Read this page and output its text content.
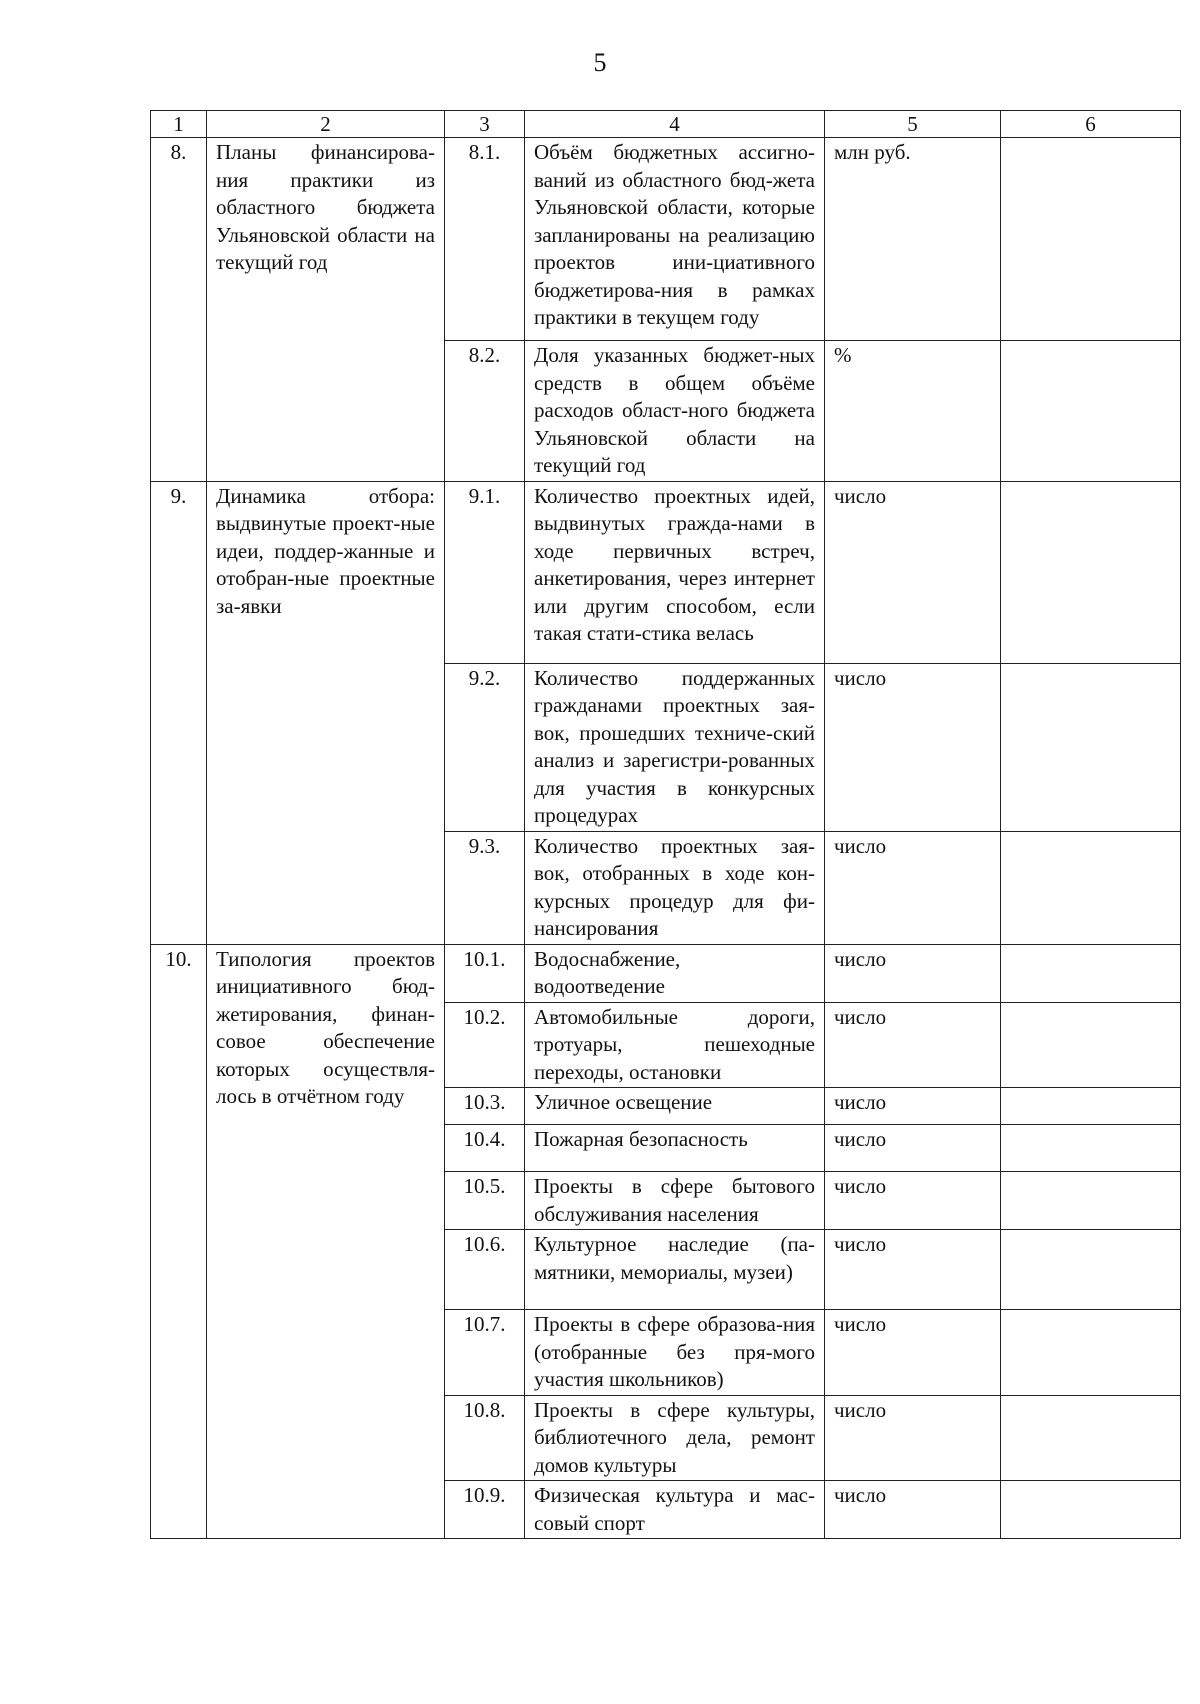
5
1	2	3	4	5	6
8.	Планы финансирова-ния практики из областного бюджета Ульяновской области на текущий год	8.1.	Объём бюджетных ассигно-ваний из областного бюд-жета Ульяновской области, которые запланированы на реализацию проектов ини-циативного бюджетирова-ния в рамках практики в текущем году	млн руб.	
		8.2.	Доля указанных бюджет-ных средств в общем объёме расходов област-ного бюджета Ульяновской области на текущий год	%	
9.	Динамика отбора: выдвинутые проект-ные идеи, поддер-жанные и отобран-ные проектные за-явки	9.1.	Количество проектных идей, выдвинутых гражда-нами в ходе первичных встреч, анкетирования, через интернет или другим способом, если такая стати-стика велась	число	
		9.2.	Количество поддержанных гражданами проектных зая-вок, прошедших техниче-ский анализ и зарегистри-рованных для участия в конкурсных процедурах	число	
		9.3.	Количество проектных зая-вок, отобранных в ходе кон-курсных процедур для фи-нансирования	число	
10.	Типология проектов инициативного бюд-жетирования, финан-совое обеспечение которых осуществля-лось в отчётном году	10.1.	Водоснабжение, водоотведение	число	
		10.2.	Автомобильные дороги, тротуары, пешеходные переходы, остановки	число	
		10.3.	Уличное освещение	число	
		10.4.	Пожарная безопасность	число	
		10.5.	Проекты в сфере бытового обслуживания населения	число	
		10.6.	Культурное наследие (па-мятники, мемориалы, музеи)	число	
		10.7.	Проекты в сфере образова-ния (отобранные без пря-мого участия школьников)	число	
		10.8.	Проекты в сфере культуры, библиотечного дела, ремонт домов культуры	число	
		10.9.	Физическая культура и мас-совый спорт	число	
